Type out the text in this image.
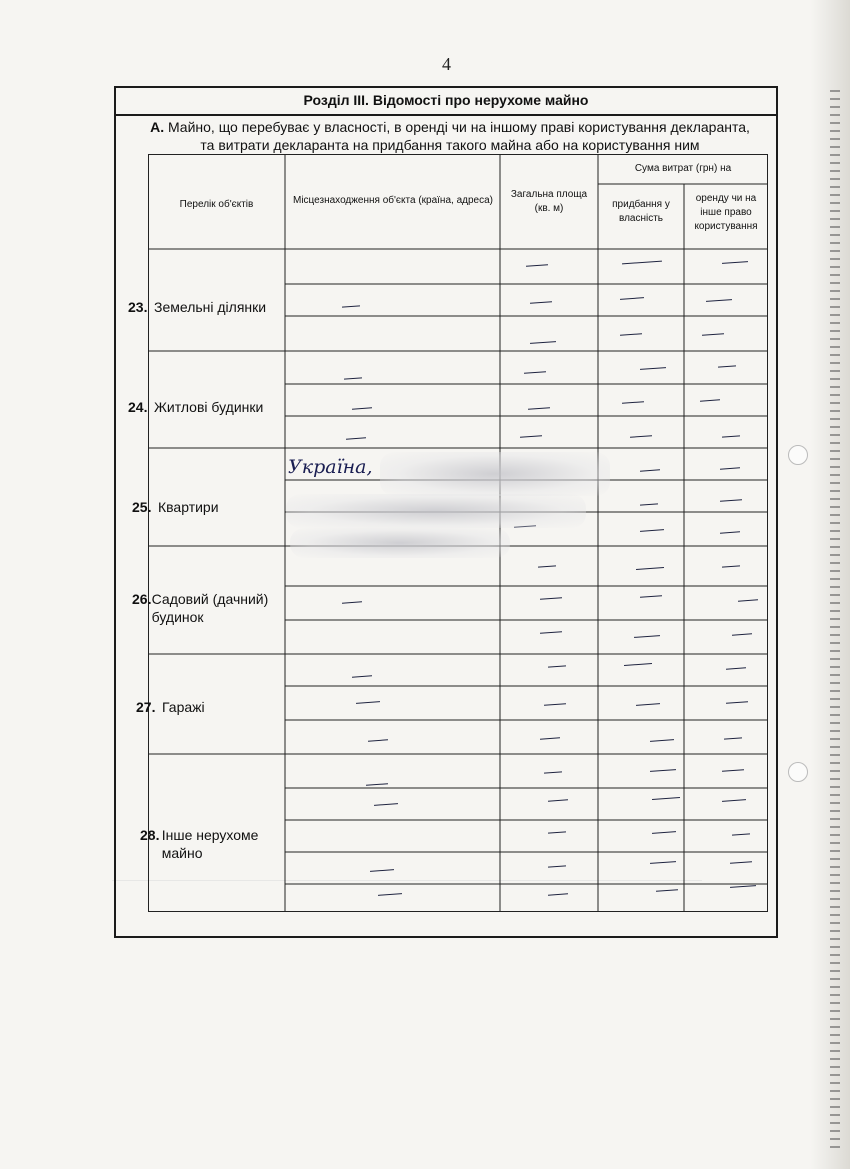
4
Розділ ІІІ. Відомості про нерухоме майно
А. Майно, що перебуває у власності, в оренді чи на іншому праві користування декларанта,
та витрати декларанта на придбання такого майна або на користування ним
Перелік об'єктів	Місцезнаходження об'єкта (країна, адреса)
Загальна площа (кв. м)
Сума витрат (грн) на
придбання у власність
оренду чи на інше право користування
23. Земельні ділянки
24. Житлові будинки
25. Квартири
26. Садовий (дачний) будинок
27. Гаражі
28. Інше нерухоме майно
Україна,
